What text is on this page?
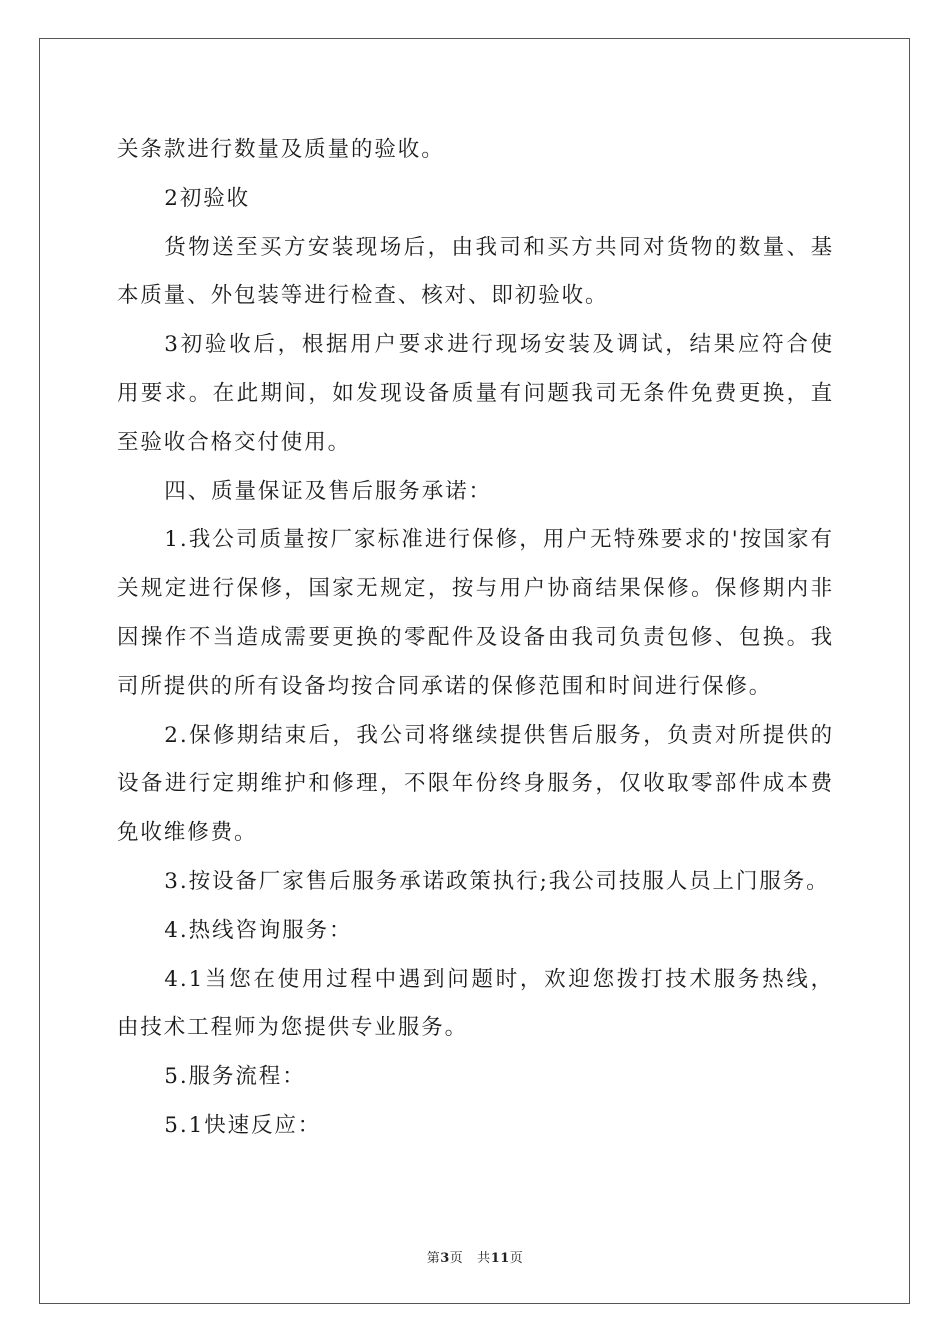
关条款进行数量及质量的验收。

2初验收

货物送至买方安装现场后，由我司和买方共同对货物的数量、基本质量、外包装等进行检查、核对、即初验收。

3初验收后，根据用户要求进行现场安装及调试，结果应符合使用要求。在此期间，如发现设备质量有问题我司无条件免费更换，直至验收合格交付使用。

四、质量保证及售后服务承诺：

1.我公司质量按厂家标准进行保修，用户无特殊要求的'按国家有关规定进行保修，国家无规定，按与用户协商结果保修。保修期内非因操作不当造成需要更换的零配件及设备由我司负责包修、包换。我司所提供的所有设备均按合同承诺的保修范围和时间进行保修。

2.保修期结束后，我公司将继续提供售后服务，负责对所提供的设备进行定期维护和修理，不限年份终身服务，仅收取零部件成本费免收维修费。

3.按设备厂家售后服务承诺政策执行;我公司技服人员上门服务。

4.热线咨询服务：

4.1当您在使用过程中遇到问题时，欢迎您拨打技术服务热线，由技术工程师为您提供专业服务。

5.服务流程：

5.1快速反应：

第3页 共11页
